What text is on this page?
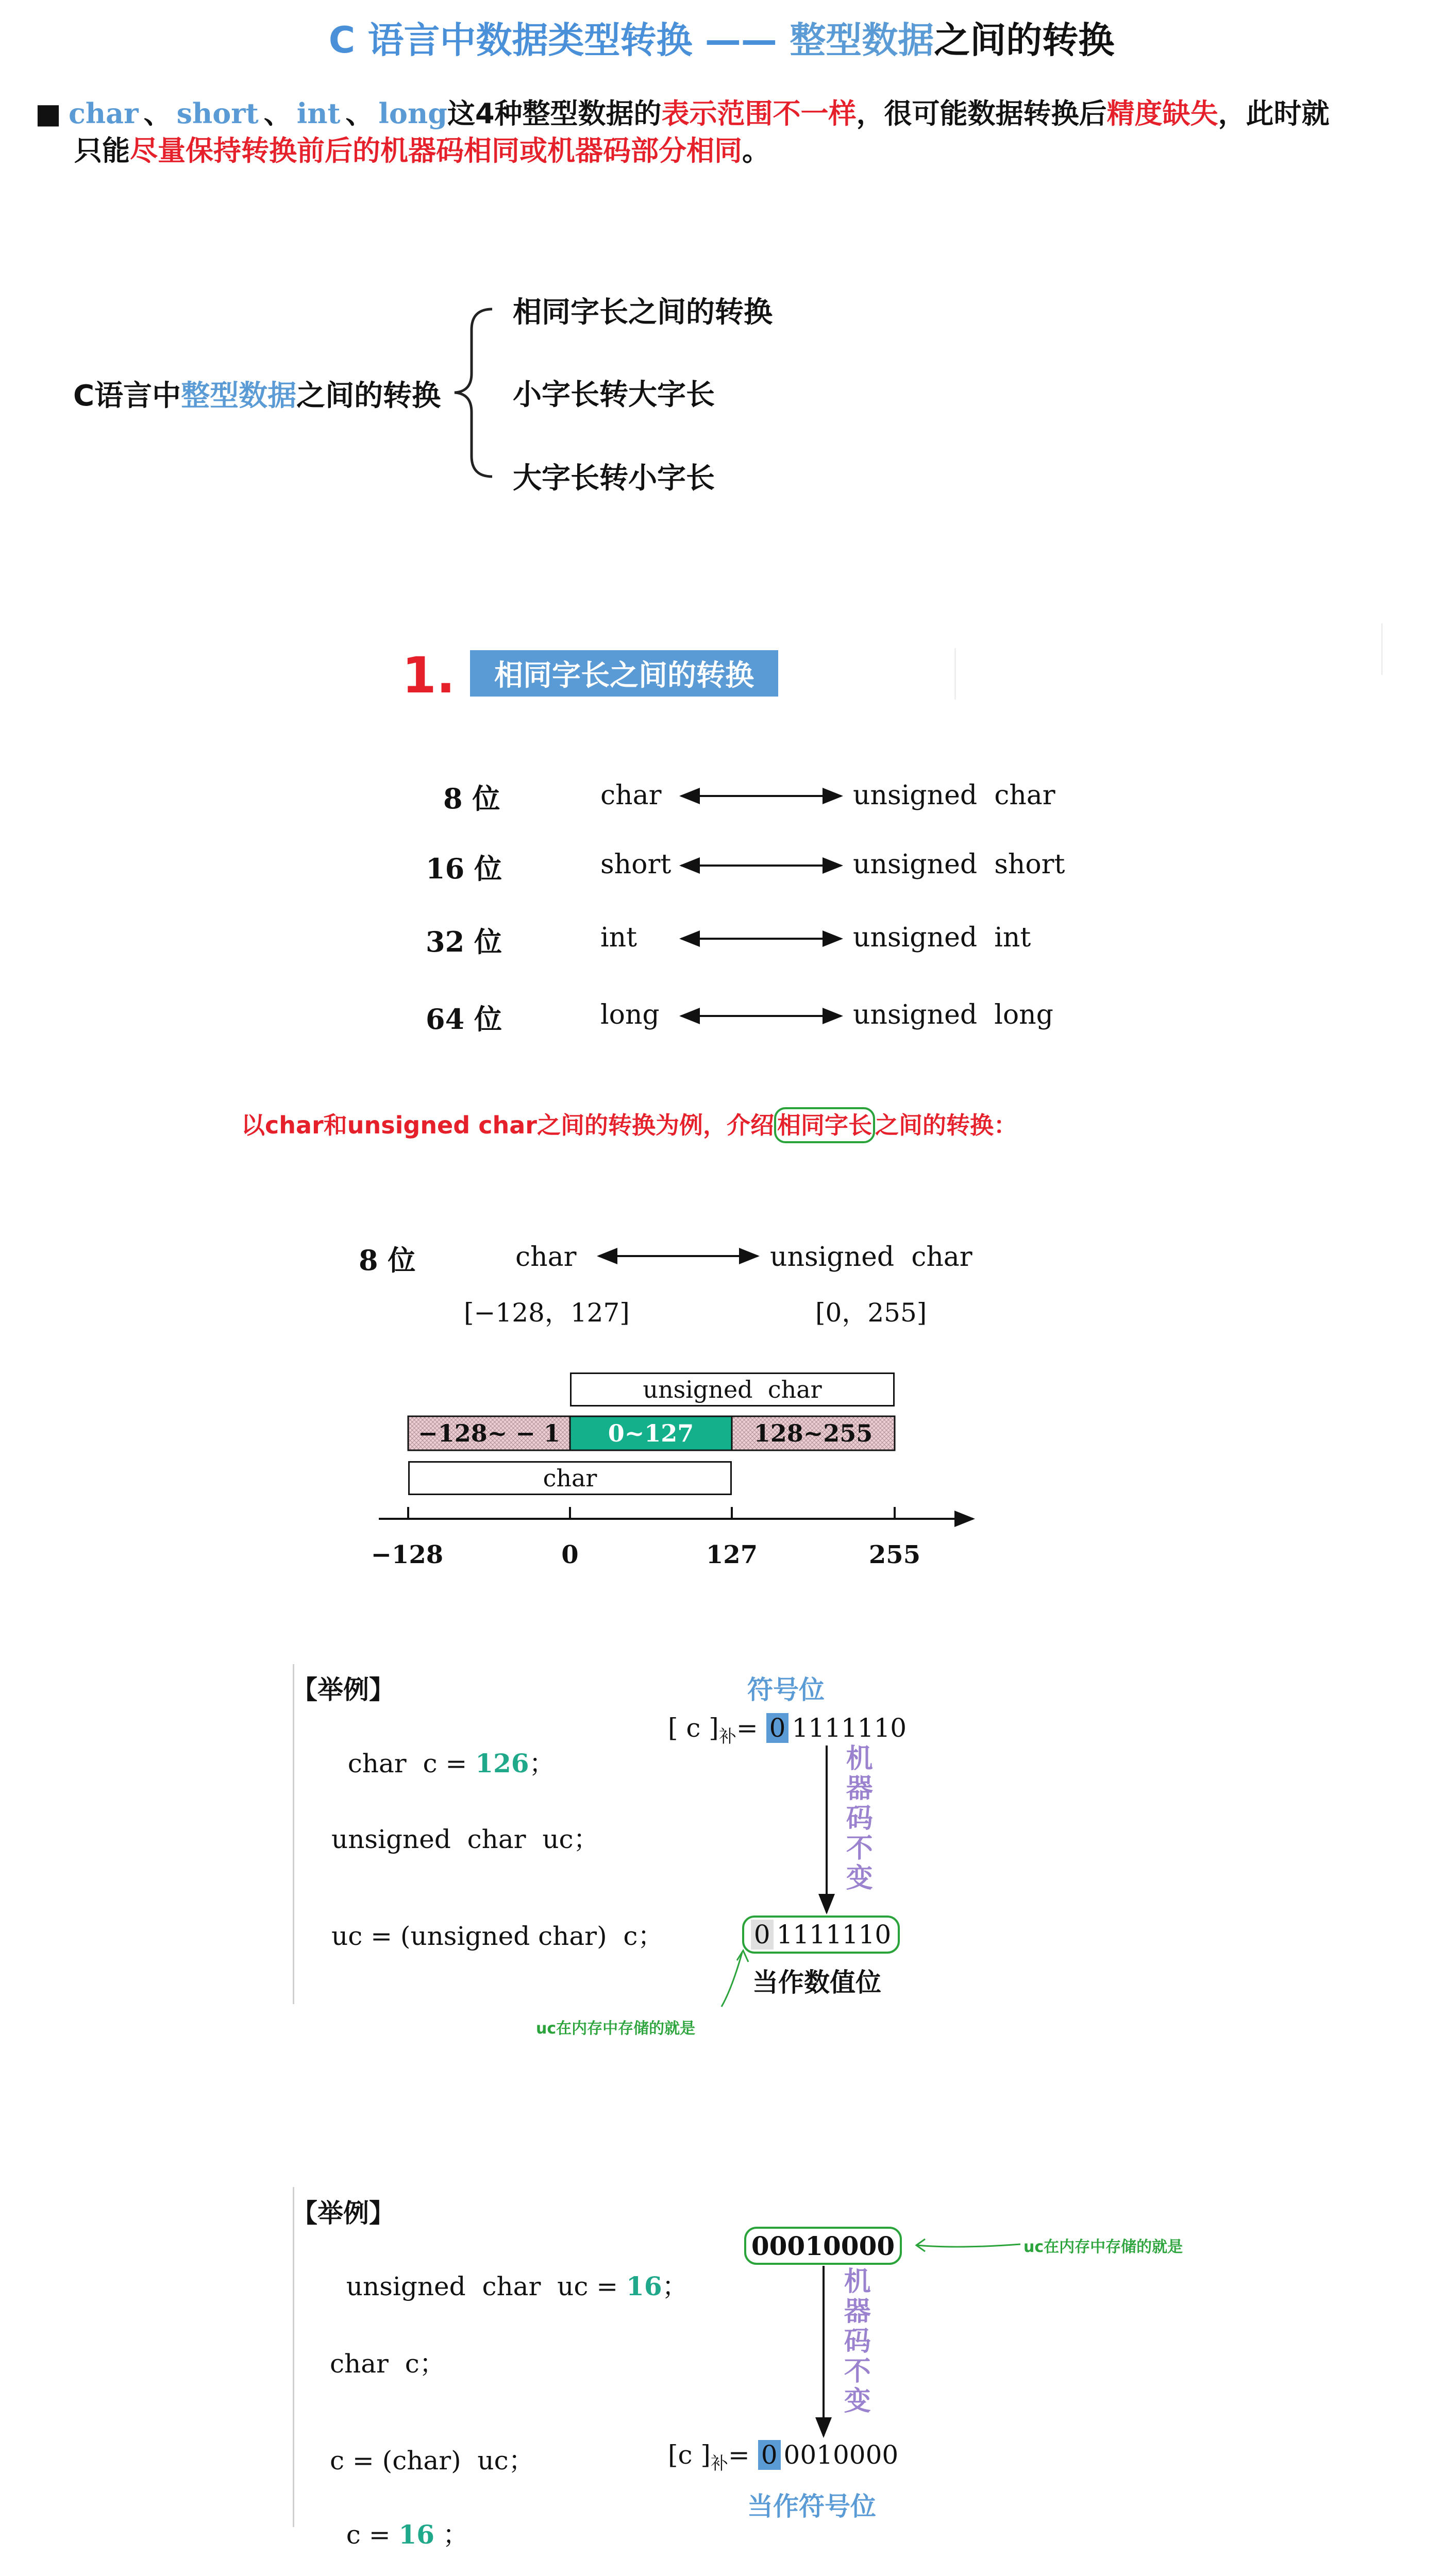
C 语言中数据类型转换 —— 整型数据之间的转换
■ char 、 short 、 int 、 long这4种整型数据的表示范围不一样，很可能数据转换后精度缺失，此时就
只能尽量保持转换前后的机器码相同或机器码部分相同。
C语言中整型数据之间的转换
相同字长之间的转换
小字长转大字长
大字长转小字长
1.	相同字长之间的转换
8 位	char	unsigned  char
16 位	short	unsigned  short
32 位	int	unsigned  int
64 位	long	unsigned  long
以char和unsigned char之间的转换为例，介绍 相同字长 之间的转换：
8 位	char	unsigned  char
[−128，127]	[0，255]
unsigned  char
−128~ − 1	0~127	128~255
char
−128	0	127	255
【举例】

char  c = 126；

unsigned  char  uc；
uc = (unsigned char)  c；
符号位
[ c ]$_补= 0$ 1111110
机器码不变
0 1111110
当作数值位
uc在内存中存储的就是
【举例】

unsigned  char  uc = 16；

char  c；
c = (char)  uc；

c = 16 ；

00010000	uc在内存中存储的就是
机器码不变
[c ]$_补= 0$ 0010000
当作符号位
